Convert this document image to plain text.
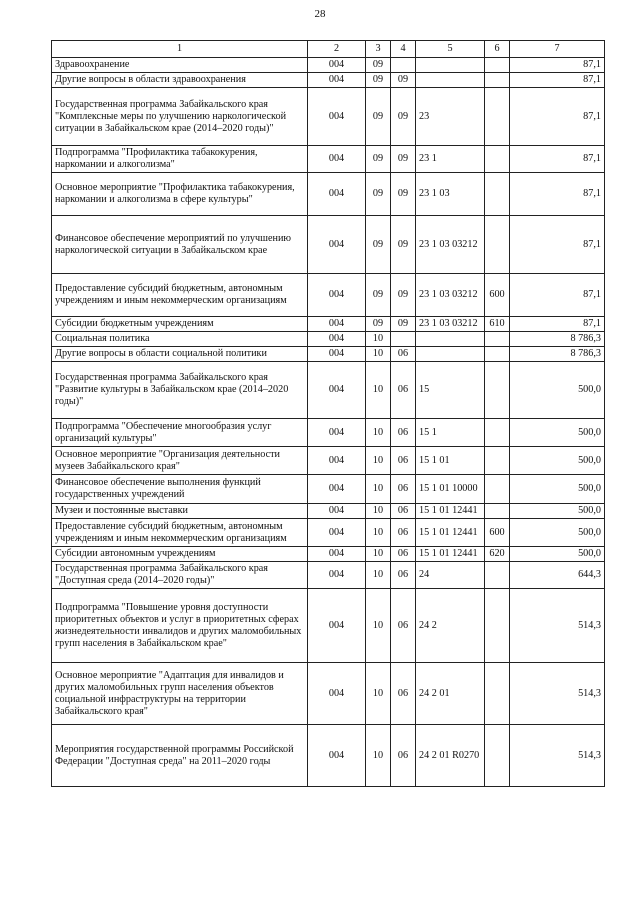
28
1	2	3	4	5	6	7
Здравоохранение	004	09				87,1
Другие вопросы в области здравоохранения	004	09	09			87,1
Государственная программа Забайкальского края "Комплексные меры по улучшению наркологической ситуации в Забайкальском крае (2014–2020 годы)"	004	09	09	23		87,1
Подпрограмма "Профилактика табакокурения, наркомании и алкоголизма"	004	09	09	23 1		87,1
Основное мероприятие "Профилактика табакокурения, наркомании и алкоголизма в сфере культуры"	004	09	09	23 1 03		87,1
Финансовое обеспечение мероприятий по улучшению наркологической ситуации в Забайкальском крае	004	09	09	23 1 03 03212		87,1
Предоставление субсидий бюджетным, автономным учреждениям и иным некоммерческим организациям	004	09	09	23 1 03 03212	600	87,1
Субсидии бюджетным учреждениям	004	09	09	23 1 03 03212	610	87,1
Социальная политика	004	10				8 786,3
Другие вопросы в области социальной политики	004	10	06			8 786,3
Государственная программа Забайкальского края "Развитие культуры в Забайкальском крае (2014–2020 годы)"	004	10	06	15		500,0
Подпрограмма "Обеспечение многообразия услуг организаций культуры"	004	10	06	15 1		500,0
Основное мероприятие "Организация деятельности музеев Забайкальского края"	004	10	06	15 1 01		500,0
Финансовое обеспечение выполнения функций государственных учреждений	004	10	06	15 1 01 10000		500,0
Музеи и постоянные выставки	004	10	06	15 1 01 12441		500,0
Предоставление субсидий бюджетным, автономным учреждениям и иным некоммерческим организациям	004	10	06	15 1 01 12441	600	500,0
Субсидии автономным учреждениям	004	10	06	15 1 01 12441	620	500,0
Государственная программа Забайкальского края "Доступная среда (2014–2020 годы)"	004	10	06	24		644,3
Подпрограмма "Повышение уровня доступности приоритетных объектов и услуг в приоритетных сферах жизнедеятельности инвалидов и других маломобильных групп населения в Забайкальском крае"	004	10	06	24 2		514,3
Основное мероприятие "Адаптация для инвалидов и других маломобильных групп населения объектов социальной инфраструктуры на территории Забайкальского края"	004	10	06	24 2 01		514,3
Мероприятия государственной программы Российской Федерации "Доступная среда" на 2011–2020 годы	004	10	06	24 2 01 R0270		514,3
